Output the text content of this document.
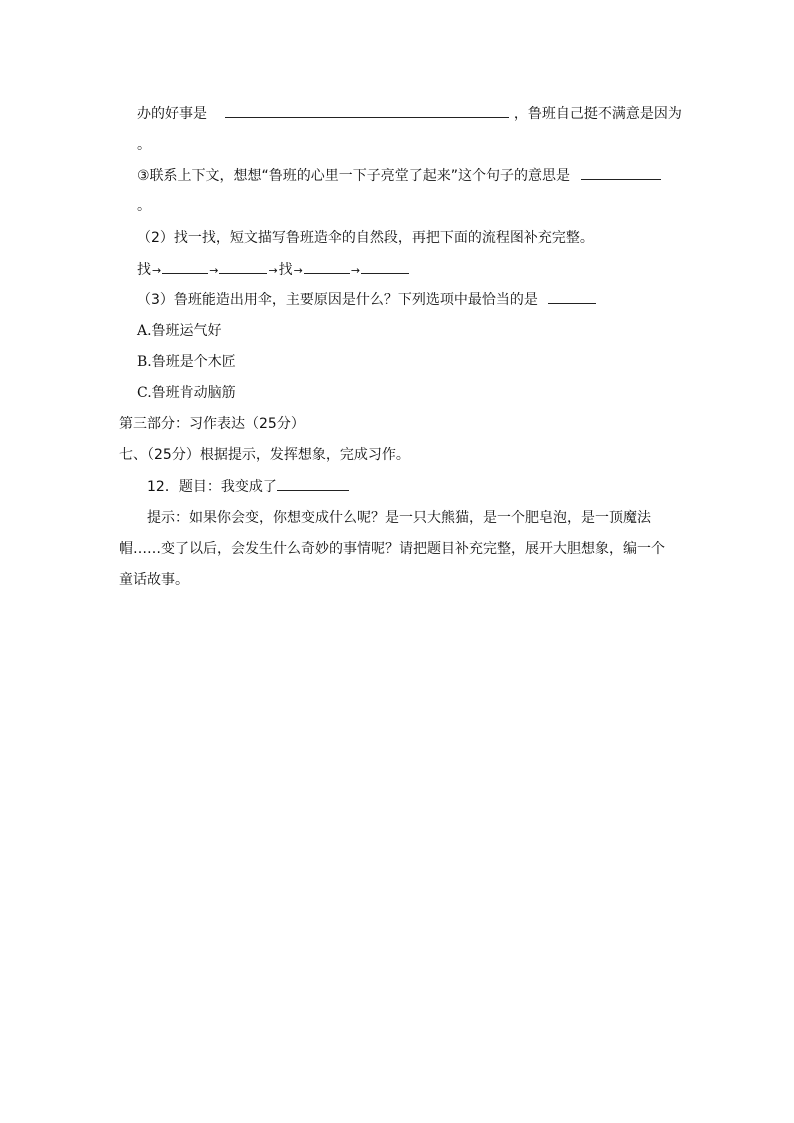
办的好事是	，鲁班自己挺不满意是因为
。
③联系上下文，想想“鲁班的心里一下子亮堂了起来”这个句子的意思是
。
（2）找一找，短文描写鲁班造伞的自然段，再把下面的流程图补充完整。
找→	→	→找→	→
（3）鲁班能造出用伞，主要原因是什么？下列选项中最恰当的是
A.鲁班运气好
B.鲁班是个木匠
C.鲁班肯动脑筋
第三部分：习作表达（25分）
七、（25分）根据提示，发挥想象，完成习作。
12．题目：我变成了
提示：如果你会变，你想变成什么呢？是一只大熊猫，是一个肥皂泡，是一顶魔法
帽……变了以后，会发生什么奇妙的事情呢？请把题目补充完整，展开大胆想象，编一个
童话故事。
